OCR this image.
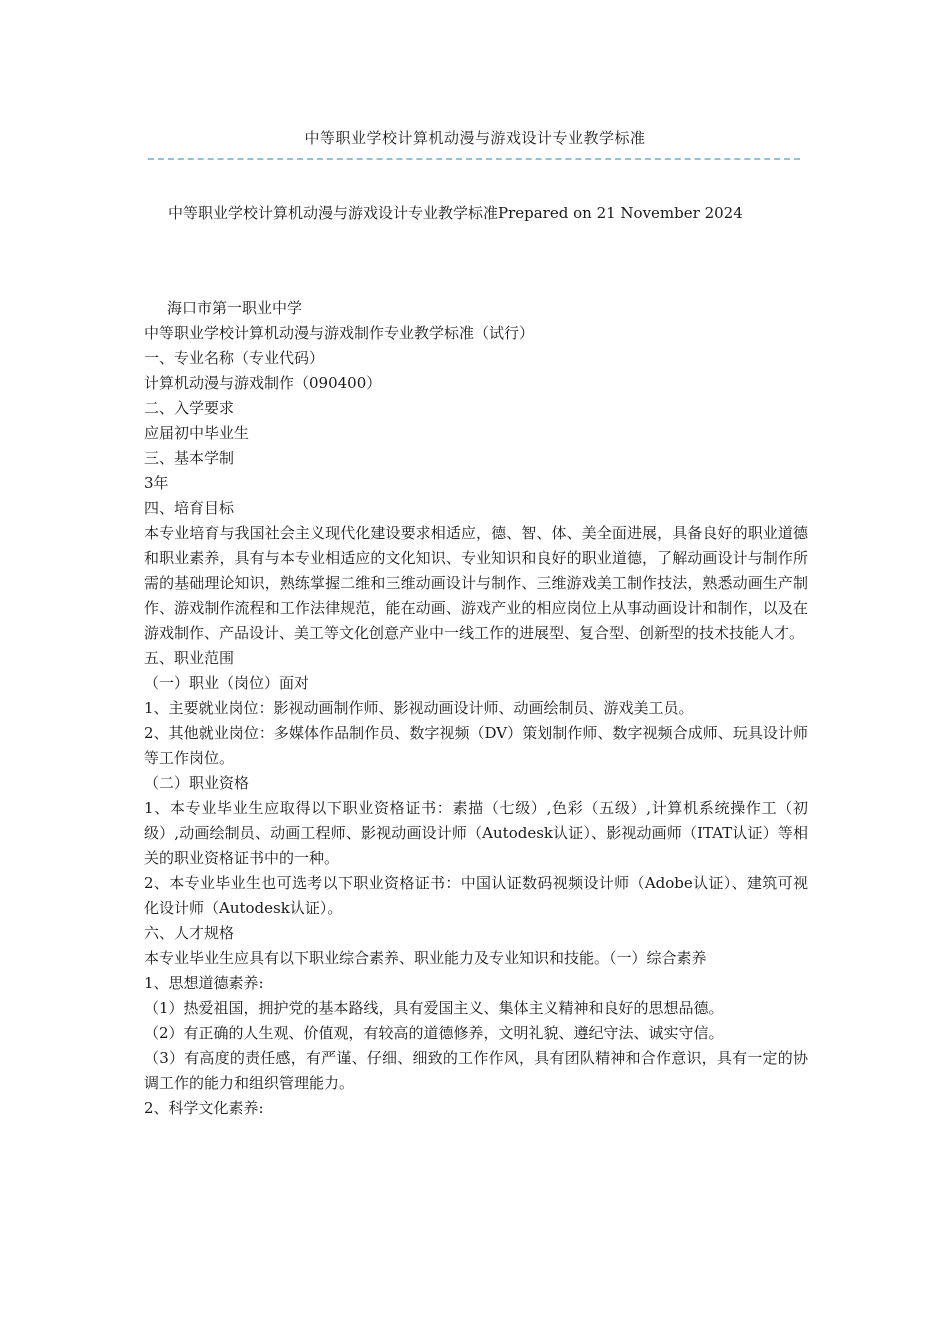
中等职业学校计算机动漫与游戏设计专业教学标准
中等职业学校计算机动漫与游戏设计专业教学标准Prepared on 21 November 2024

海口市第一职业中学

中等职业学校计算机动漫与游戏制作专业教学标准（试行）

一、专业名称（专业代码）

计算机动漫与游戏制作（090400）

二、入学要求

应届初中毕业生

三、基本学制

3年

四、培育目标

本专业培育与我国社会主义现代化建设要求相适应，德、智、体、美全面进展，具备良好的职业道德和职业素养，具有与本专业相适应的文化知识、专业知识和良好的职业道德，了解动画设计与制作所需的基础理论知识，熟练掌握二维和三维动画设计与制作、三维游戏美工制作技法，熟悉动画生产制作、游戏制作流程和工作法律规范，能在动画、游戏产业的相应岗位上从事动画设计和制作，以及在游戏制作、产品设计、美工等文化创意产业中一线工作的进展型、复合型、创新型的技术技能人才。

五、职业范围

（一）职业（岗位）面对

1、主要就业岗位：影视动画制作师、影视动画设计师、动画绘制员、游戏美工员。

2、其他就业岗位：多媒体作品制作员、数字视频（DV）策划制作师、数字视频合成师、玩具设计师等工作岗位。

（二）职业资格

1、本专业毕业生应取得以下职业资格证书：素描（七级）,色彩（五级）,计算机系统操作工（初级）,动画绘制员、动画工程师、影视动画设计师（Autodesk认证）、影视动画师（ITAT认证）等相关的职业资格证书中的一种。

2、本专业毕业生也可选考以下职业资格证书：中国认证数码视频设计师（Adobe认证）、建筑可视化设计师（Autodesk认证）。

六、人才规格

本专业毕业生应具有以下职业综合素养、职业能力及专业知识和技能。（一）综合素养

1、思想道德素养:

（1）热爱祖国，拥护党的基本路线，具有爱国主义、集体主义精神和良好的思想品德。

（2）有正确的人生观、价值观，有较高的道德修养，文明礼貌、遵纪守法、诚实守信。

（3）有高度的责任感，有严谨、仔细、细致的工作作风，具有团队精神和合作意识，具有一定的协调工作的能力和组织管理能力。

2、科学文化素养:
